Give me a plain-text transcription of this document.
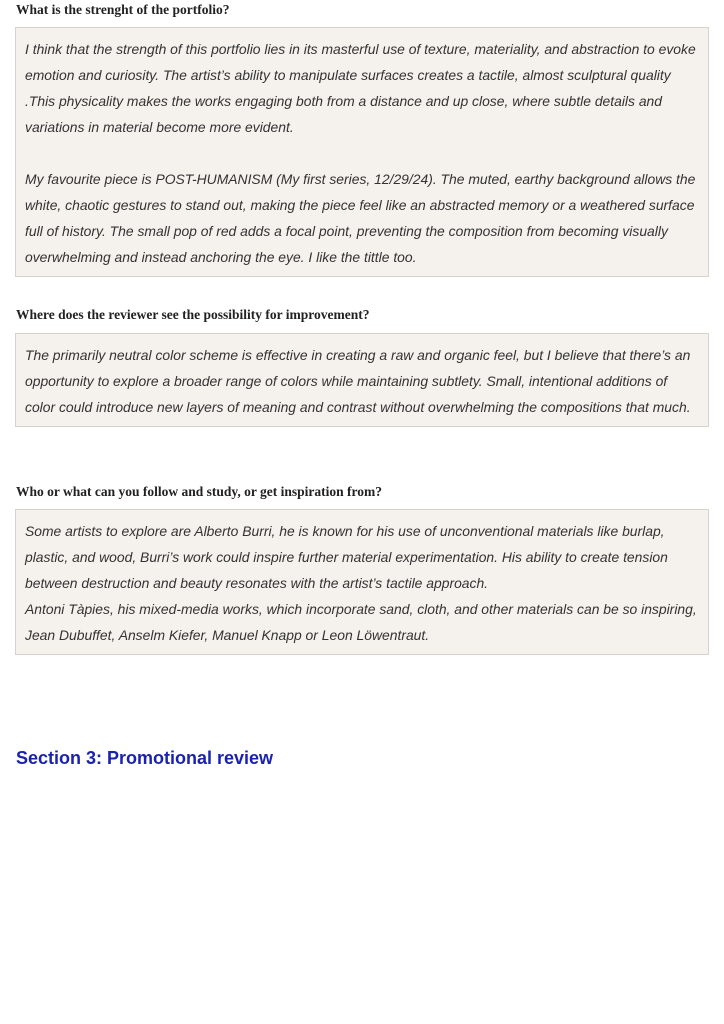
What is the strenght of the portfolio?

I think that the strength of this portfolio lies in its masterful use of texture, materiality, and abstraction to evoke emotion and curiosity. The artist’s ability to manipulate surfaces creates a tactile, almost sculptural quality .This physicality makes the works engaging both from a distance and up close, where subtle details and variations in material become more evident.

My favourite piece is POST-HUMANISM (My first series, 12/29/24). The muted, earthy background allows the white, chaotic gestures to stand out, making the piece feel like an abstracted memory or a weathered surface full of history. The small pop of red adds a focal point, preventing the composition from becoming visually overwhelming and instead anchoring the eye. I like the tittle too.

Where does the reviewer see the possibility for improvement?

The primarily neutral color scheme is effective in creating a raw and organic feel, but I believe that there’s an opportunity to explore a broader range of colors while maintaining subtlety. Small, intentional additions of color could introduce new layers of meaning and contrast without overwhelming the compositions that much.

Who or what can you follow and study, or get inspiration from?

Some artists to explore are Alberto Burri, he is known for his use of unconventional materials like burlap, plastic, and wood, Burri’s work could inspire further material experimentation. His ability to create tension between destruction and beauty resonates with the artist’s tactile approach.

Antoni Tàpies, his mixed-media works, which incorporate sand, cloth, and other materials can be so inspiring, Jean Dubuffet, Anselm Kiefer, Manuel Knapp or Leon Löwentraut.

Section 3: Promotional review
